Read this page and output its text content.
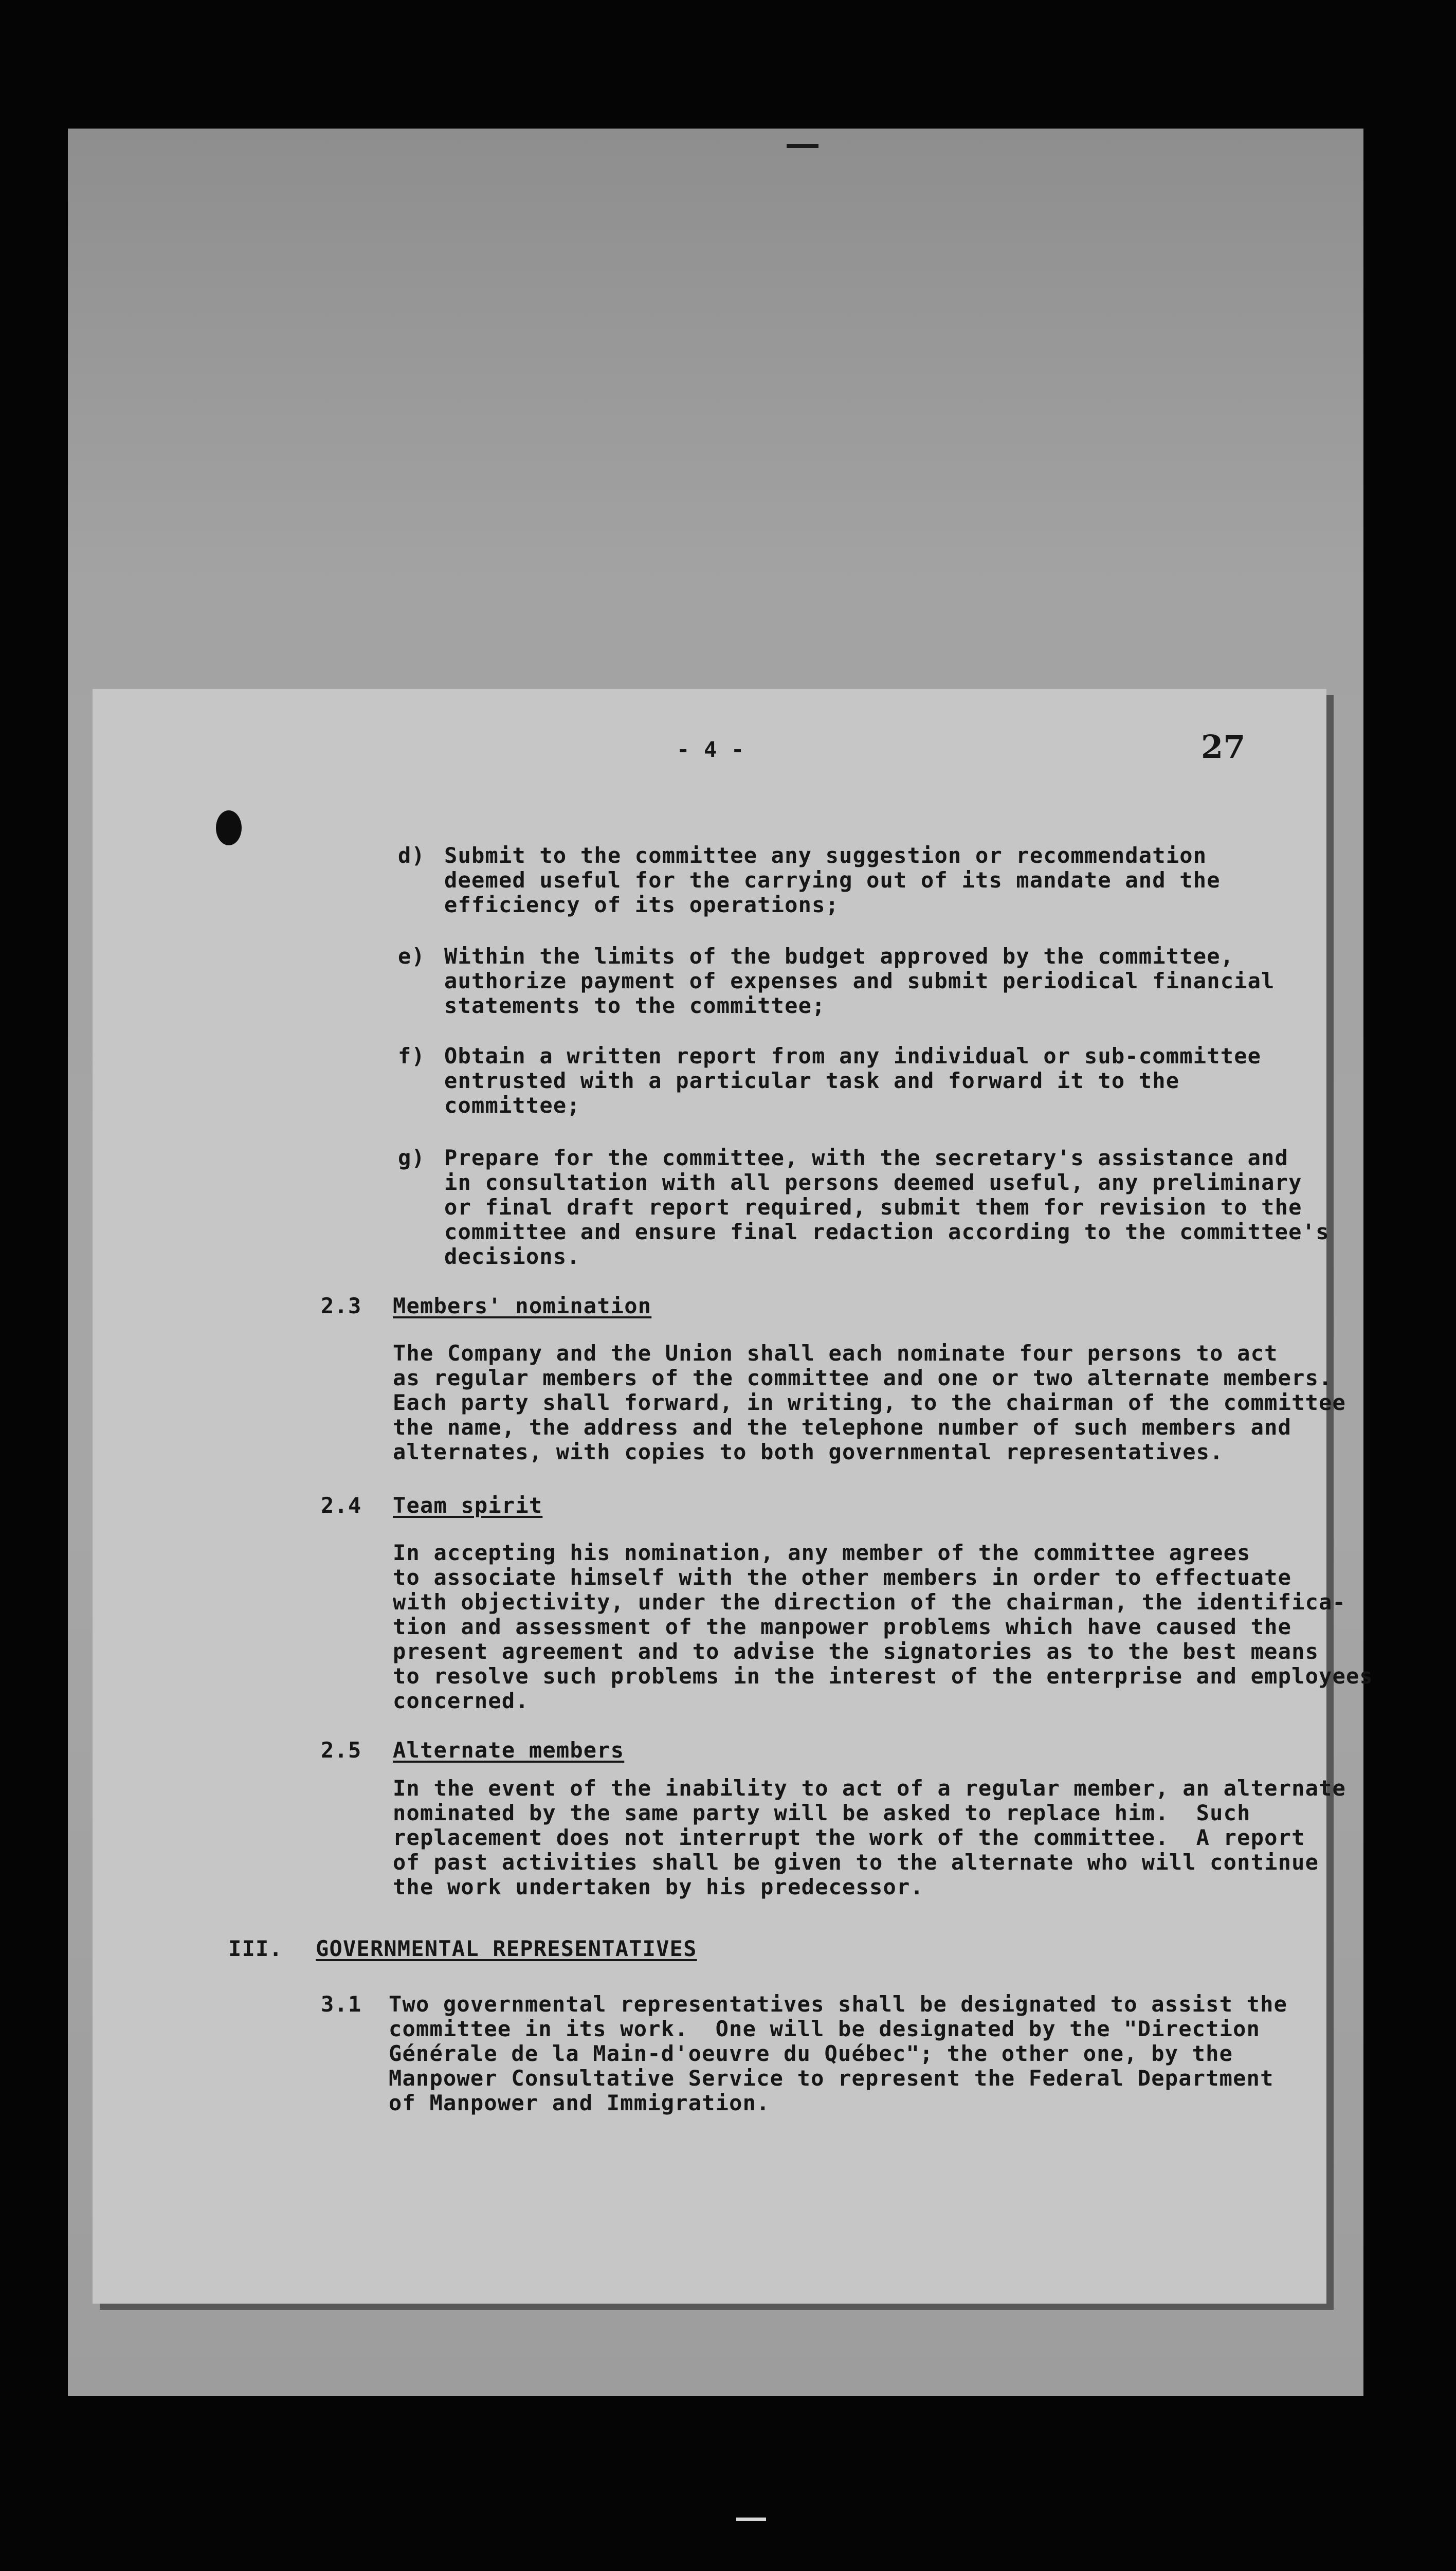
- 4 -	27
d) Submit to the committee any suggestion or recommendation
deemed useful for the carrying out of its mandate and the
efficiency of its operations;
e) Within the limits of the budget approved by the committee,
authorize payment of expenses and submit periodical financial
statements to the committee;
f) Obtain a written report from any individual or sub-committee
entrusted with a particular task and forward it to the
committee;
g) Prepare for the committee, with the secretary's assistance and
in consultation with all persons deemed useful, any preliminary
or final draft report required, submit them for revision to the
committee and ensure final redaction according to the committee's
decisions.
2.3 Members' nomination
The Company and the Union shall each nominate four persons to act
as regular members of the committee and one or two alternate members.
Each party shall forward, in writing, to the chairman of the committee
the name, the address and the telephone number of such members and
alternates, with copies to both governmental representatives.
2.4 Team spirit
In accepting his nomination, any member of the committee agrees
to associate himself with the other members in order to effectuate
with objectivity, under the direction of the chairman, the identifica-
tion and assessment of the manpower problems which have caused the
present agreement and to advise the signatories as to the best means
to resolve such problems in the interest of the enterprise and employees
concerned.
2.5 Alternate members
In the event of the inability to act of a regular member, an alternate
nominated by the same party will be asked to replace him.  Such
replacement does not interrupt the work of the committee.  A report
of past activities shall be given to the alternate who will continue
the work undertaken by his predecessor.
III. GOVERNMENTAL REPRESENTATIVES
3.1 Two governmental representatives shall be designated to assist the
committee in its work.  One will be designated by the "Direction
Générale de la Main-d'oeuvre du Québec"; the other one, by the
Manpower Consultative Service to represent the Federal Department
of Manpower and Immigration.
